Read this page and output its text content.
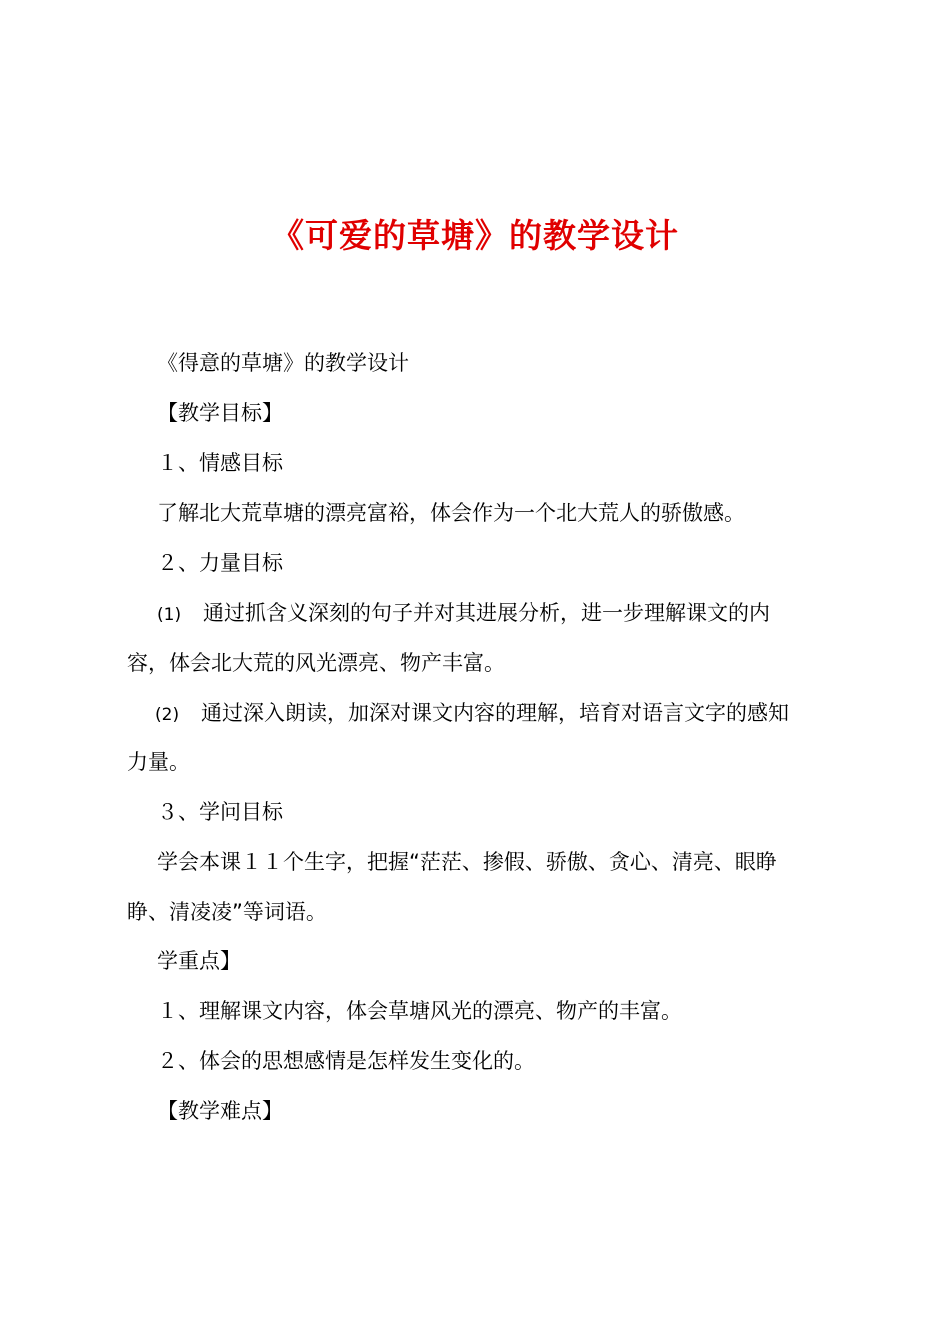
《可爱的草塘》的教学设计
《得意的草塘》的教学设计
【教学目标】
１、情感目标
了解北大荒草塘的漂亮富裕，体会作为一个北大荒人的骄傲感。
２、力量目标
(1) 通过抓含义深刻的句子并对其进展分析，进一步理解课文的内
容，体会北大荒的风光漂亮、物产丰富。
(2) 通过深入朗读，加深对课文内容的理解，培育对语言文字的感知
力量。
３、学问目标
学会本课１１个生字，把握“茫茫、掺假、骄傲、贪心、清亮、眼睁
睁、清凌凌”等词语。
学重点】
１、理解课文内容，体会草塘风光的漂亮、物产的丰富。
２、体会的思想感情是怎样发生变化的。
【教学难点】
